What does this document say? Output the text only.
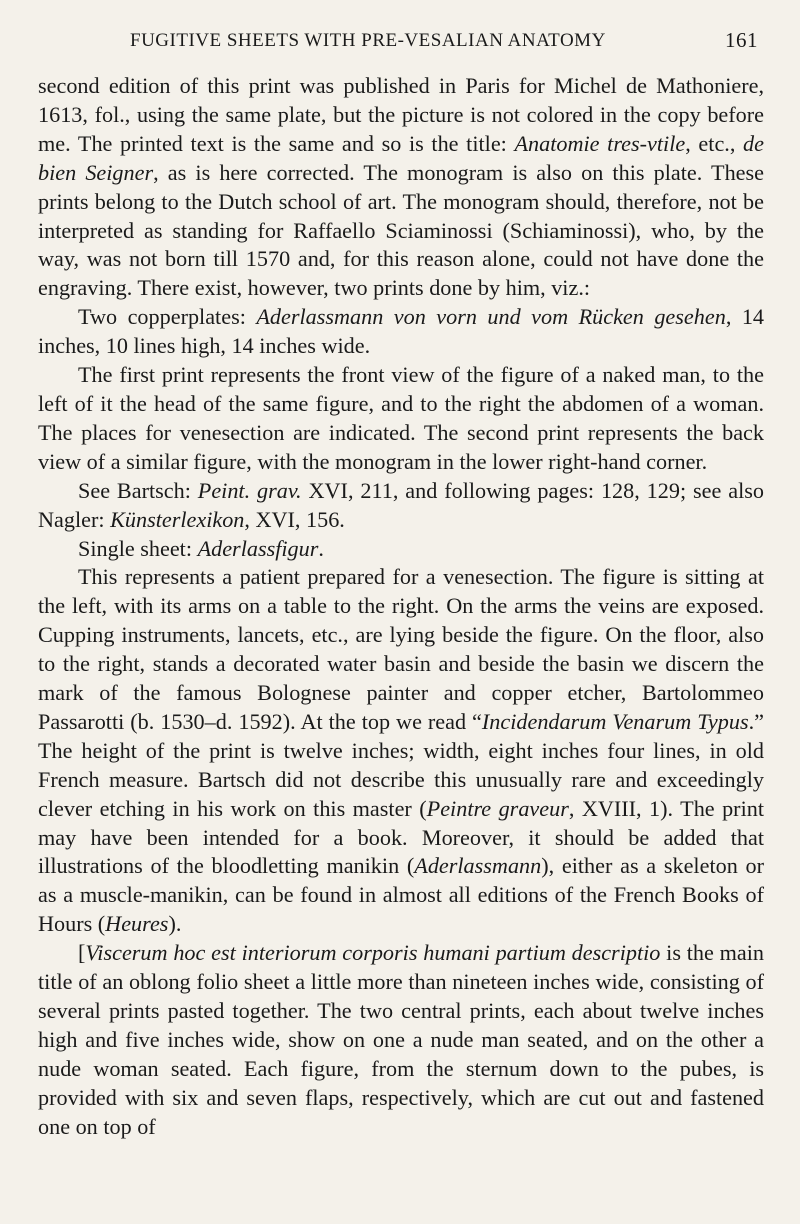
FUGITIVE SHEETS WITH PRE-VESALIAN ANATOMY	161

second edition of this print was published in Paris for Michel de Mathoniere, 1613, fol., using the same plate, but the picture is not colored in the copy before me. The printed text is the same and so is the title: Anatomie tres-vtile, etc., de bien Seigner, as is here corrected. The monogram is also on this plate. These prints belong to the Dutch school of art. The monogram should, therefore, not be interpreted as standing for Raffaello Sciaminossi (Schiaminossi), who, by the way, was not born till 1570 and, for this reason alone, could not have done the engraving. There exist, however, two prints done by him, viz.:

Two copperplates: Aderlassmann von vorn und vom Rücken gesehen, 14 inches, 10 lines high, 14 inches wide.

The first print represents the front view of the figure of a naked man, to the left of it the head of the same figure, and to the right the abdomen of a woman. The places for venesection are indicated. The second print represents the back view of a similar figure, with the monogram in the lower right-hand corner.

See Bartsch: Peint. grav. XVI, 211, and following pages: 128, 129; see also Nagler: Künsterlexikon, XVI, 156.

Single sheet: Aderlassfigur.

This represents a patient prepared for a venesection. The figure is sitting at the left, with its arms on a table to the right. On the arms the veins are exposed. Cupping instruments, lancets, etc., are lying beside the figure. On the floor, also to the right, stands a decorated water basin and beside the basin we discern the mark of the famous Bolognese painter and copper etcher, Bartolommeo Passarotti (b. 1530–d. 1592). At the top we read “Incidendarum Venarum Typus.” The height of the print is twelve inches; width, eight inches four lines, in old French measure. Bartsch did not describe this unusually rare and exceedingly clever etching in his work on this master (Peintre graveur, XVIII, 1). The print may have been intended for a book. Moreover, it should be added that illustrations of the bloodletting manikin (Aderlassmann), either as a skeleton or as a muscle-manikin, can be found in almost all editions of the French Books of Hours (Heures).

[Viscerum hoc est interiorum corporis humani partium descriptio is the main title of an oblong folio sheet a little more than nineteen inches wide, consisting of several prints pasted together. The two central prints, each about twelve inches high and five inches wide, show on one a nude man seated, and on the other a nude woman seated. Each figure, from the sternum down to the pubes, is provided with six and seven flaps, respectively, which are cut out and fastened one on top of
